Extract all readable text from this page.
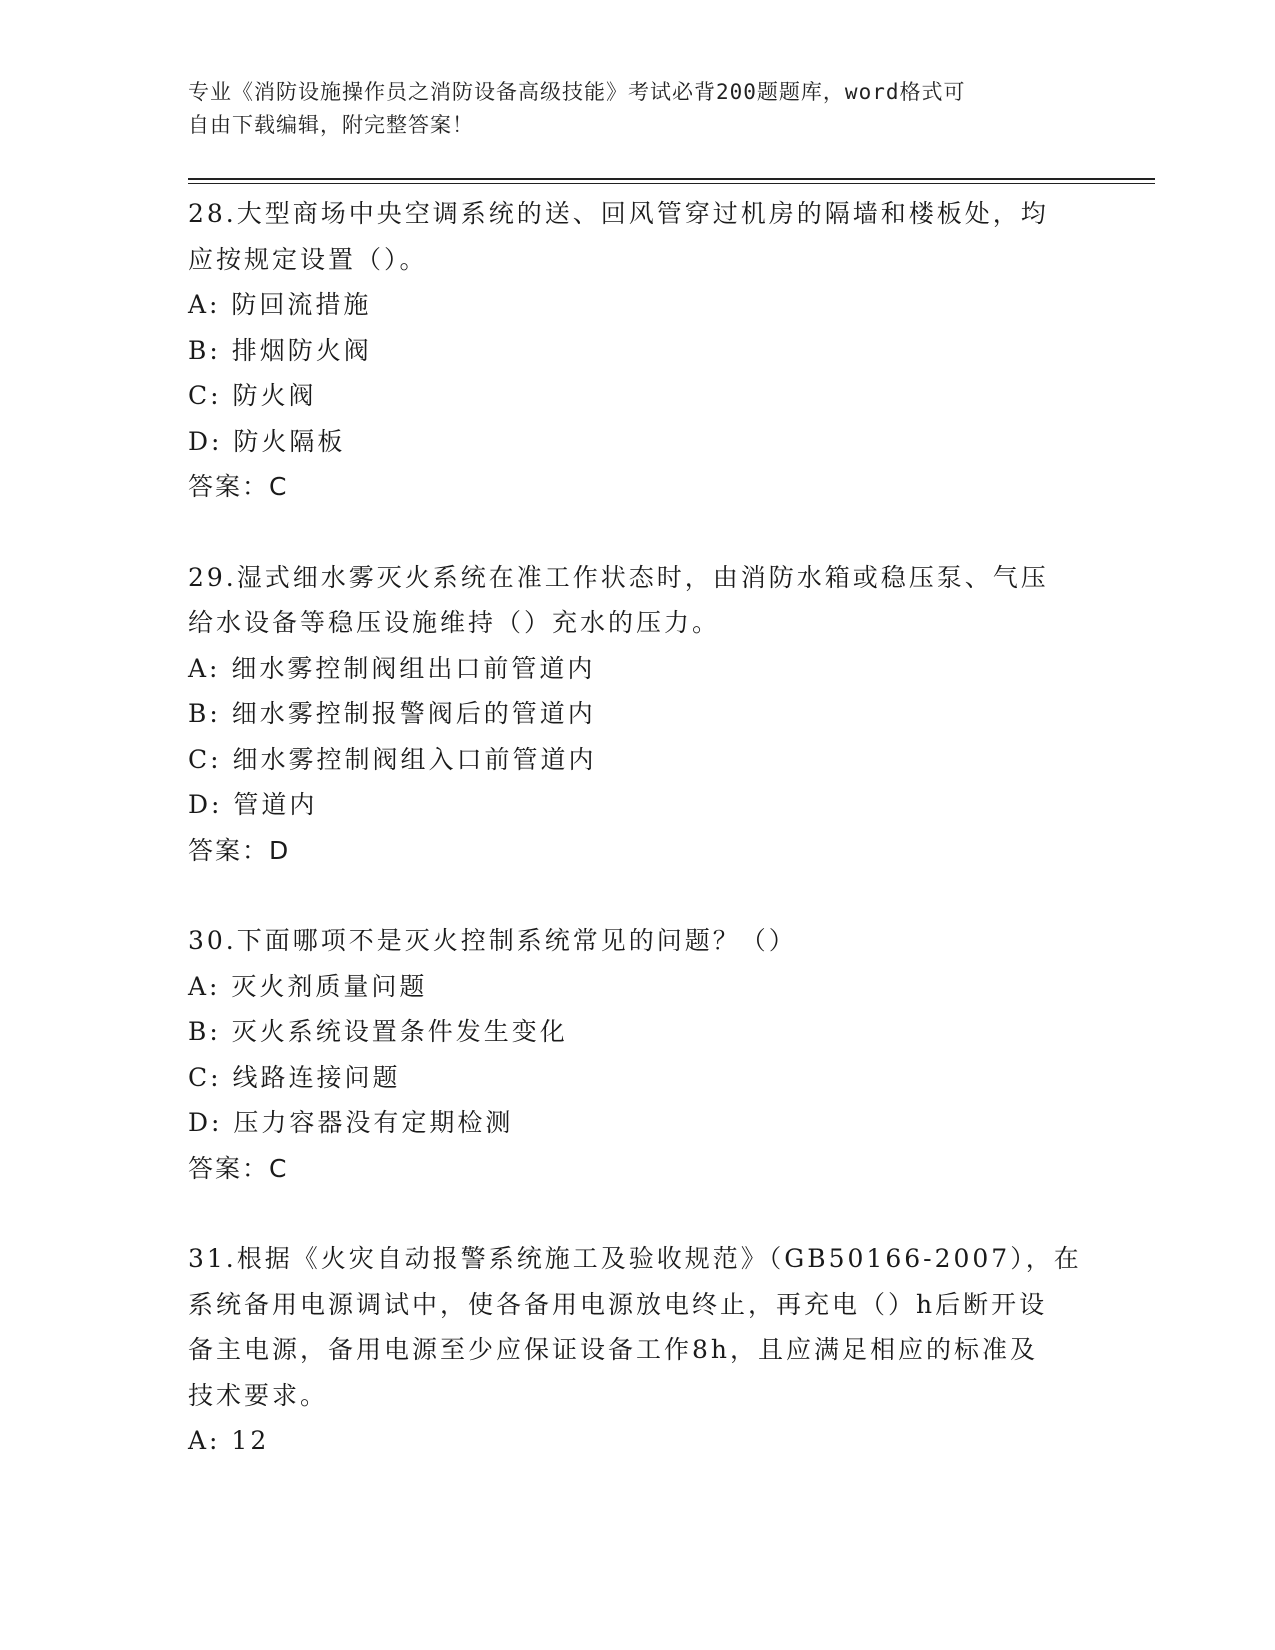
专业《消防设施操作员之消防设备高级技能》考试必背200题题库，word格式可
自由下载编辑，附完整答案！

28.大型商场中央空调系统的送、回风管穿过机房的隔墙和楼板处，均

应按规定设置（）。

A: 防回流措施

B: 排烟防火阀

C: 防火阀

D: 防火隔板

答案：C

29.湿式细水雾灭火系统在准工作状态时，由消防水箱或稳压泵、气压

给水设备等稳压设施维持（）充水的压力。

A: 细水雾控制阀组出口前管道内

B: 细水雾控制报警阀后的管道内

C: 细水雾控制阀组入口前管道内

D: 管道内

答案：D

30.下面哪项不是灭火控制系统常见的问题？（）

A: 灭火剂质量问题

B: 灭火系统设置条件发生变化

C: 线路连接问题

D: 压力容器没有定期检测

答案：C

31.根据《火灾自动报警系统施工及验收规范》（GB50166-2007），在

系统备用电源调试中，使各备用电源放电终止，再充电（）h后断开设

备主电源，备用电源至少应保证设备工作8h，且应满足相应的标准及

技术要求。

A: 12
